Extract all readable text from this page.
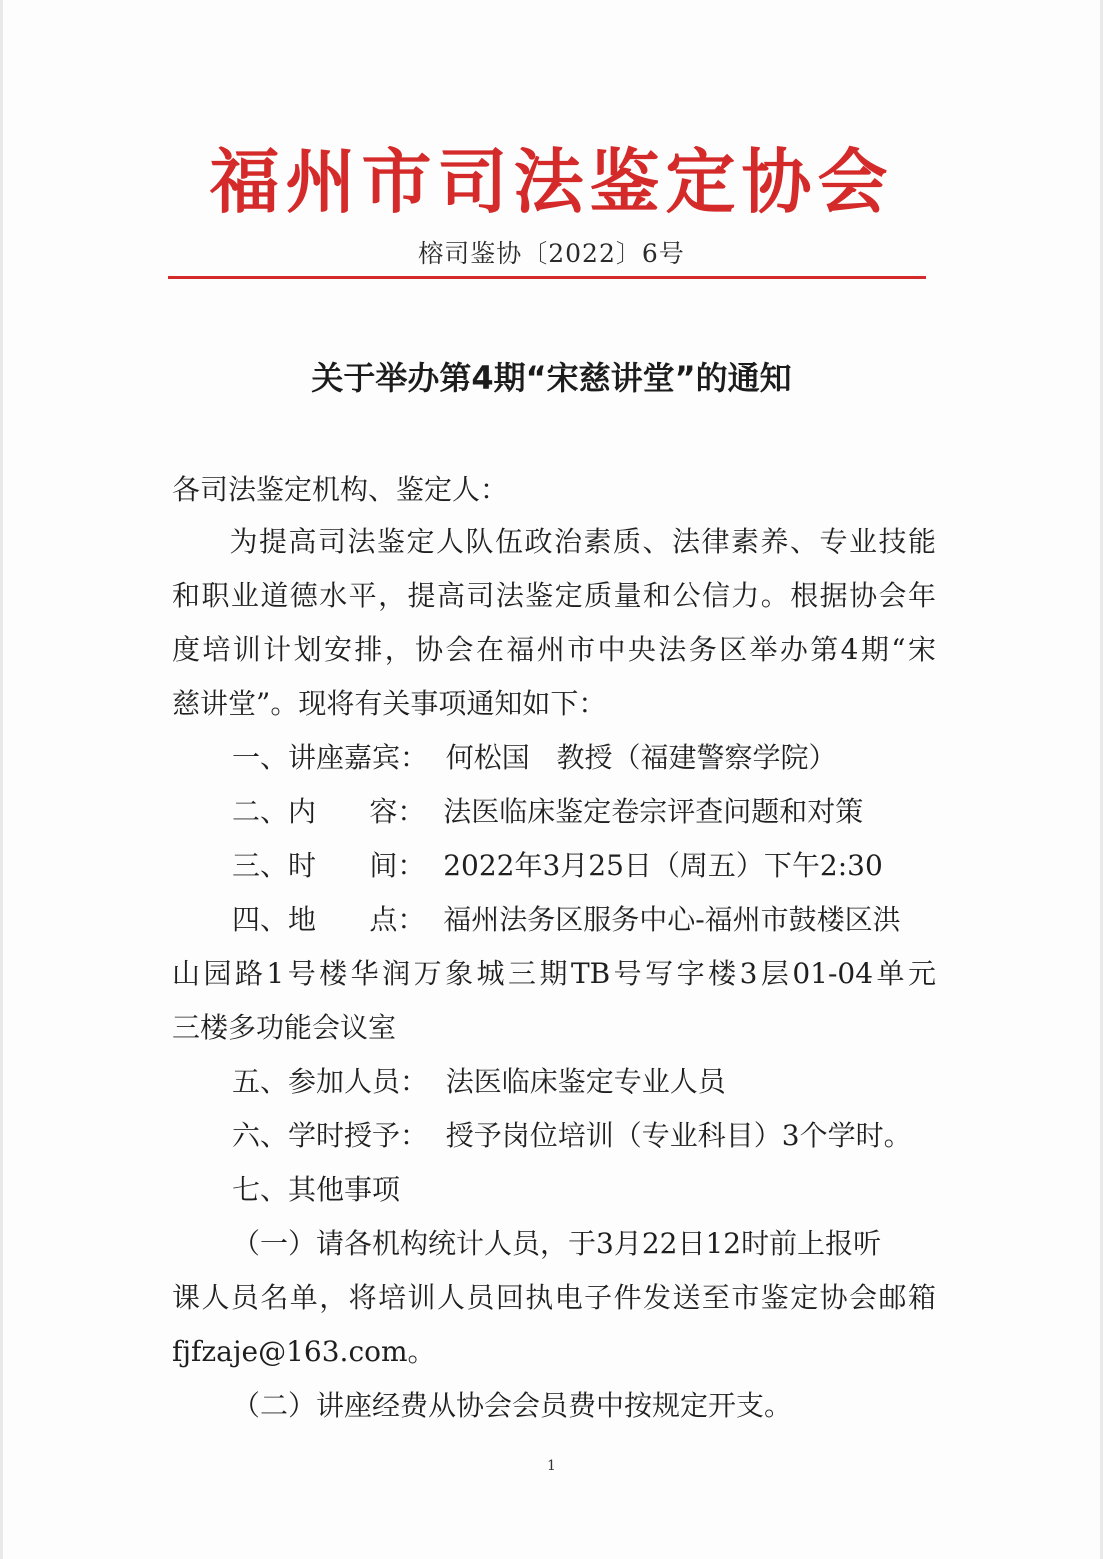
福州市司法鉴定协会
榕司鉴协〔2022〕6号
关于举办第4期“宋慈讲堂”的通知
各司法鉴定机构、鉴定人：
为提高司法鉴定人队伍政治素质、法律素养、专业技能
和职业道德水平，提高司法鉴定质量和公信力。根据协会年
度培训计划安排，协会在福州市中央法务区举办第4期“宋
慈讲堂”。现将有关事项通知如下：
一、讲座嘉宾：  何松国   教授（福建警察学院）
二、内      容：  法医临床鉴定卷宗评查问题和对策
三、时      间：  2022年3月25日（周五）下午2:30
四、地      点：  福州法务区服务中心-福州市鼓楼区洪
山园路1号楼华润万象城三期TB号写字楼3层01-04单元
三楼多功能会议室
五、参加人员：  法医临床鉴定专业人员
六、学时授予：  授予岗位培训（专业科目）3个学时。
七、其他事项
（一）请各机构统计人员，于3月22日12时前上报听
课人员名单，将培训人员回执电子件发送至市鉴定协会邮箱
fjfzaje@163.com。
（二）讲座经费从协会会员费中按规定开支。
1
